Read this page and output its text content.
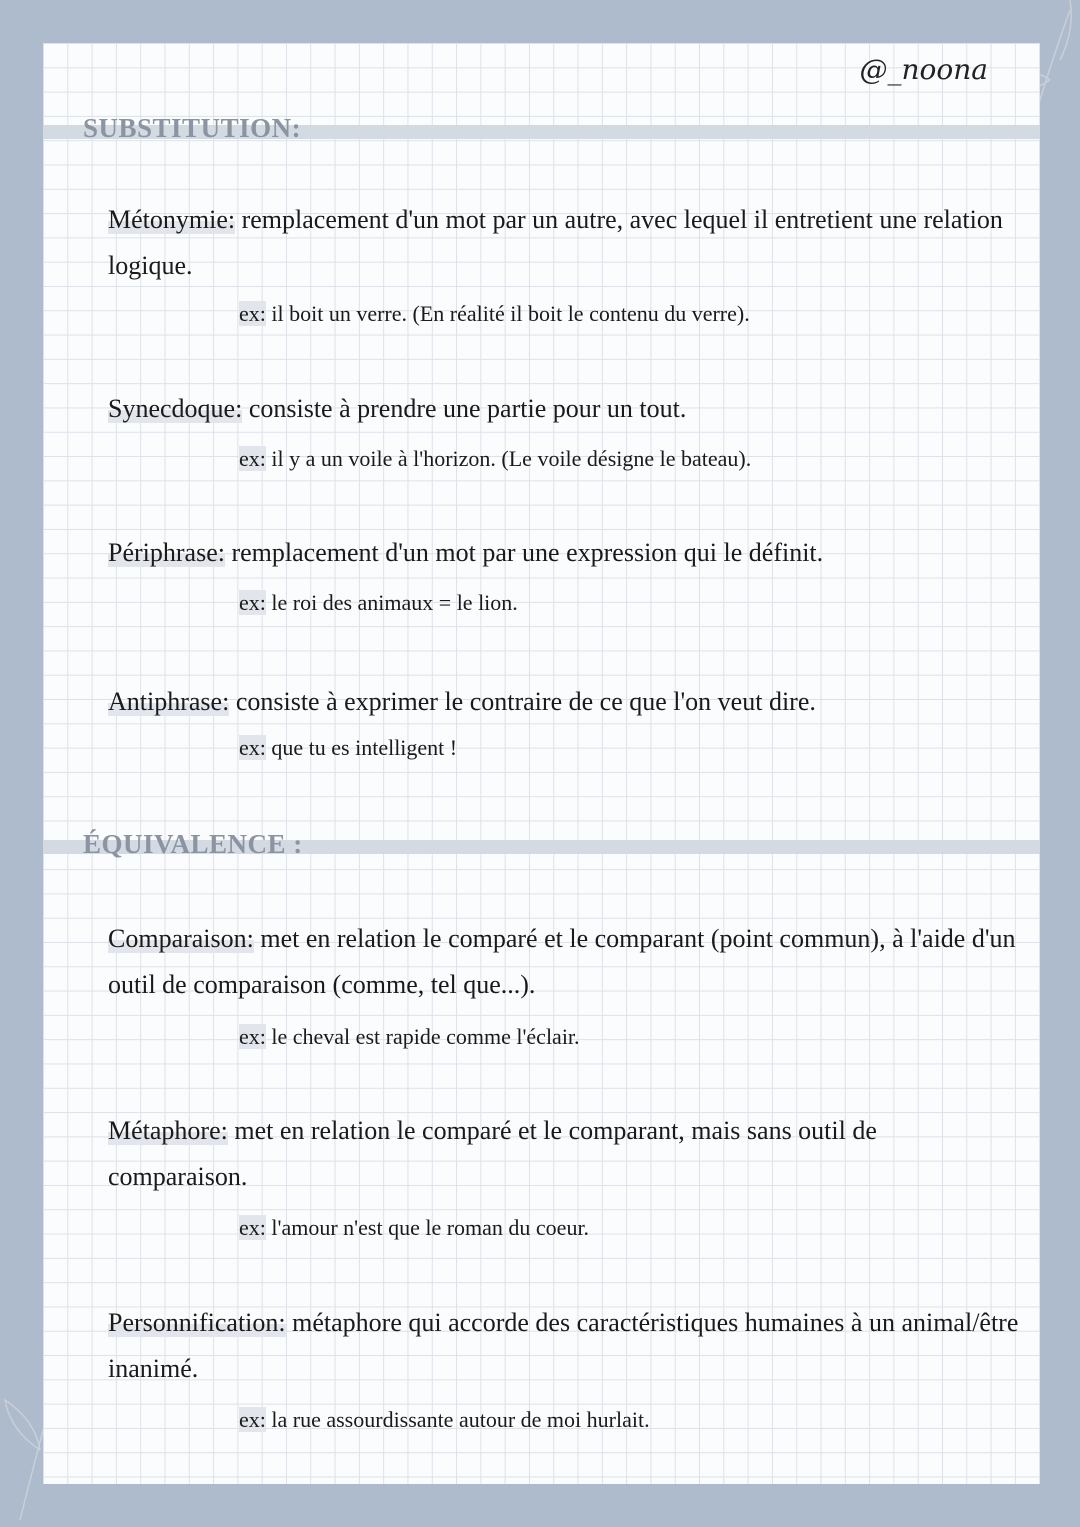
@_noona
SUBSTITUTION:
Métonymie: remplacement d'un mot par un autre, avec lequel il entretient une relation logique.
ex: il boit un verre. (En réalité il boit le contenu du verre).
Synecdoque: consiste à prendre une partie pour un tout.
ex: il y a un voile à l'horizon. (Le voile désigne le bateau).
Périphrase: remplacement d'un mot par une expression qui le définit.
ex: le roi des animaux = le lion.
Antiphrase: consiste à exprimer le contraire de ce que l'on veut dire.
ex: que tu es intelligent !
ÉQUIVALENCE :
Comparaison: met en relation le comparé et le comparant (point commun), à l'aide d'un outil de comparaison (comme, tel que...).
ex: le cheval est rapide comme l'éclair.
Métaphore: met en relation le comparé et le comparant, mais sans outil de comparaison.
ex: l'amour n'est que le roman du coeur.
Personnification: métaphore qui accorde des caractéristiques humaines à un animal/être inanimé.
ex: la rue assourdissante autour de moi hurlait.
